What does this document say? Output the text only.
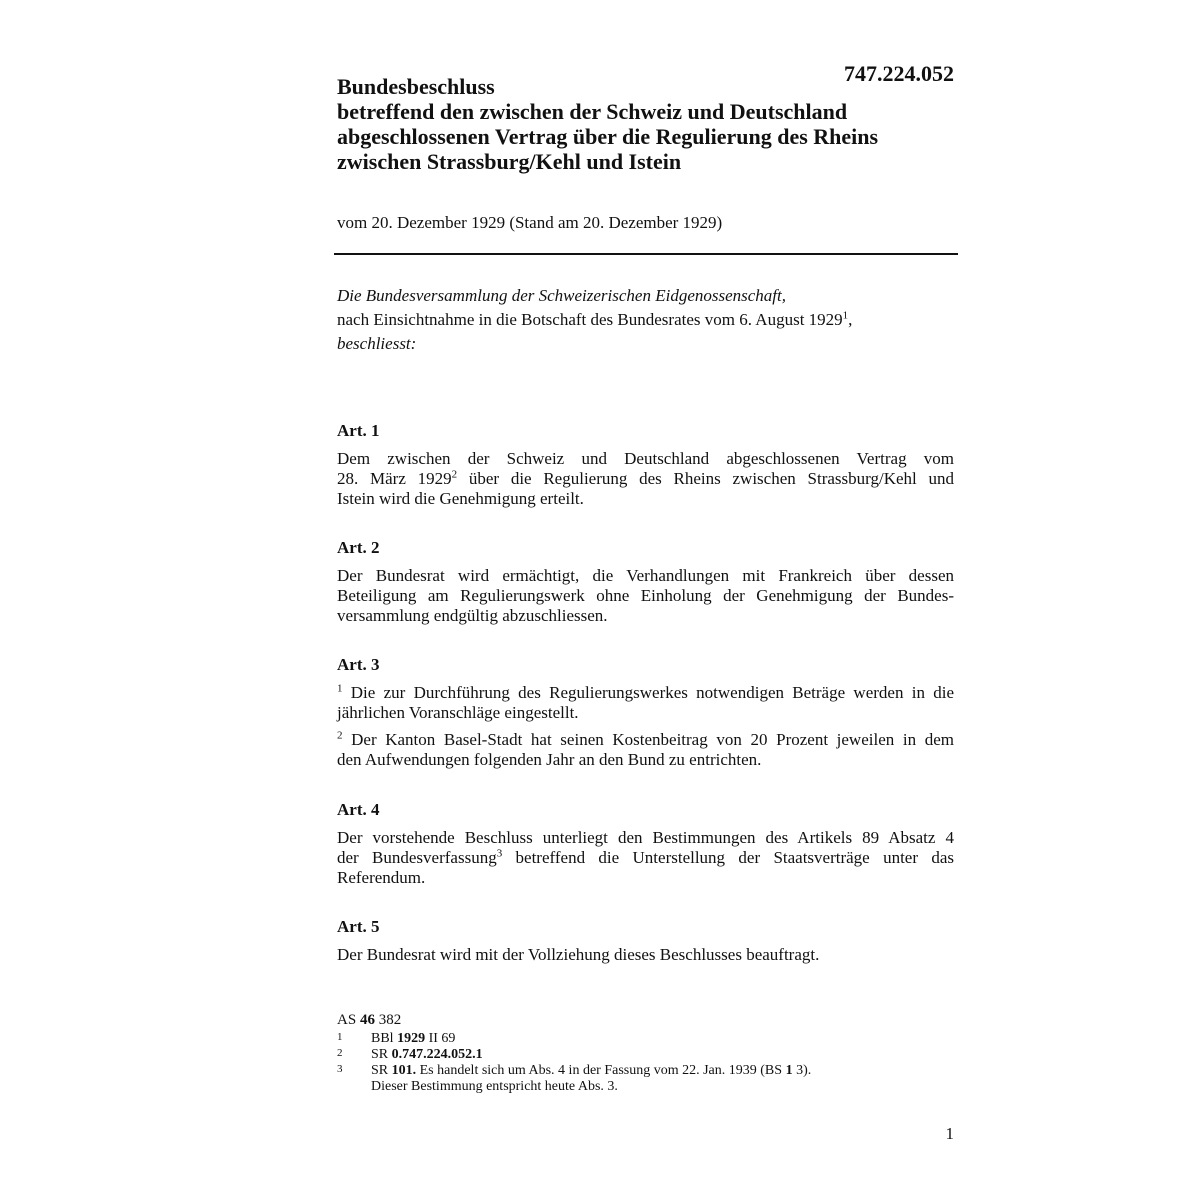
747.224.052
Bundesbeschluss
betreffend den zwischen der Schweiz und Deutschland
abgeschlossenen Vertrag über die Regulierung des Rheins
zwischen Strassburg/Kehl und Istein
vom 20. Dezember 1929 (Stand am 20. Dezember 1929)
Die Bundesversammlung der Schweizerischen Eidgenossenschaft,
nach Einsichtnahme in die Botschaft des Bundesrates vom 6. August 1929$^1$,
beschliesst:
Art. 1
Dem zwischen der Schweiz und Deutschland abgeschlossenen Vertrag vom
28. März 1929$^2$ über die Regulierung des Rheins zwischen Strassburg/Kehl und
Istein wird die Genehmigung erteilt.
Art. 2
Der Bundesrat wird ermächtigt, die Verhandlungen mit Frankreich über dessen
Beteiligung am Regulierungswerk ohne Einholung der Genehmigung der Bundes-
versammlung endgültig abzuschliessen.
Art. 3
$^1$ Die zur Durchführung des Regulierungswerkes notwendigen Beträge werden in die
jährlichen Voranschläge eingestellt.
$^2$ Der Kanton Basel-Stadt hat seinen Kostenbeitrag von 20 Prozent jeweilen in dem
den Aufwendungen folgenden Jahr an den Bund zu entrichten.
Art. 4
Der vorstehende Beschluss unterliegt den Bestimmungen des Artikels 89 Absatz 4
der Bundesverfassung$^3$ betreffend die Unterstellung der Staatsverträge unter das
Referendum.
Art. 5
Der Bundesrat wird mit der Vollziehung dieses Beschlusses beauftragt.
AS 46 382
1 BBl 1929 II 69
2 SR 0.747.224.052.1
3 SR 101. Es handelt sich um Abs. 4 in der Fassung vom 22. Jan. 1939 (BS 1 3).
Dieser Bestimmung entspricht heute Abs. 3.
1
